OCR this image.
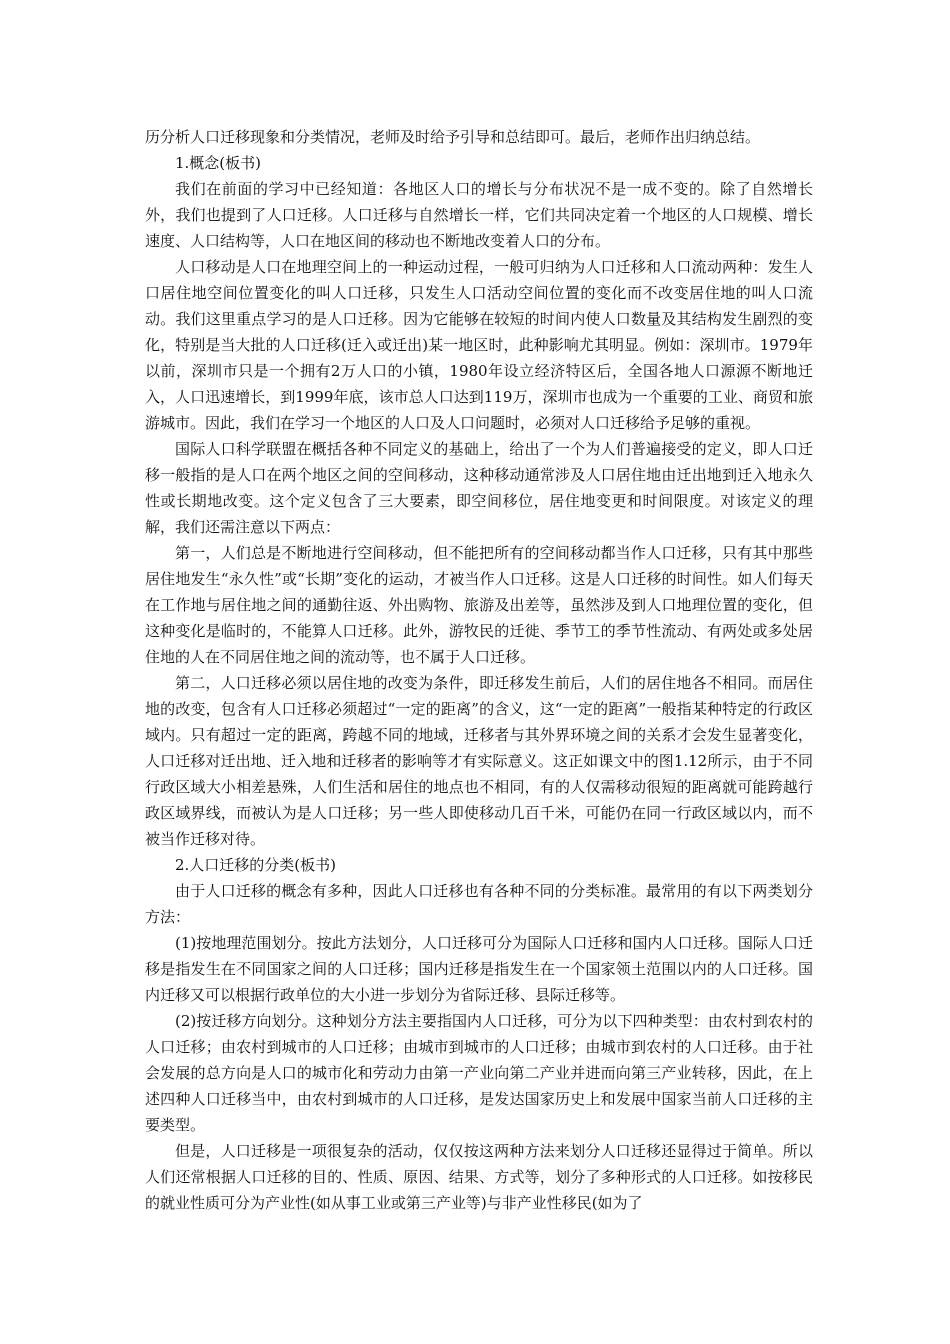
历分析人口迁移现象和分类情况，老师及时给予引导和总结即可。最后，老师作出归纳总结。

1.概念(板书)

我们在前面的学习中已经知道：各地区人口的增长与分布状况不是一成不变的。除了自然增长外，我们也提到了人口迁移。人口迁移与自然增长一样，它们共同决定着一个地区的人口规模、增长速度、人口结构等，人口在地区间的移动也不断地改变着人口的分布。

人口移动是人口在地理空间上的一种运动过程，一般可归纳为人口迁移和人口流动两种：发生人口居住地空间位置变化的叫人口迁移，只发生人口活动空间位置的变化而不改变居住地的叫人口流动。我们这里重点学习的是人口迁移。因为它能够在较短的时间内使人口数量及其结构发生剧烈的变化，特别是当大批的人口迁移(迁入或迁出)某一地区时，此种影响尤其明显。例如：深圳市。1979年以前，深圳市只是一个拥有2万人口的小镇，1980年设立经济特区后，全国各地人口源源不断地迁入，人口迅速增长，到1999年底，该市总人口达到119万，深圳市也成为一个重要的工业、商贸和旅游城市。因此，我们在学习一个地区的人口及人口问题时，必须对人口迁移给予足够的重视。

国际人口科学联盟在概括各种不同定义的基础上，给出了一个为人们普遍接受的定义，即人口迁移一般指的是人口在两个地区之间的空间移动，这种移动通常涉及人口居住地由迁出地到迁入地永久性或长期地改变。这个定义包含了三大要素，即空间移位，居住地变更和时间限度。对该定义的理解，我们还需注意以下两点：

第一，人们总是不断地进行空间移动，但不能把所有的空间移动都当作人口迁移，只有其中那些居住地发生“永久性”或“长期”变化的运动，才被当作人口迁移。这是人口迁移的时间性。如人们每天在工作地与居住地之间的通勤往返、外出购物、旅游及出差等，虽然涉及到人口地理位置的变化，但这种变化是临时的，不能算人口迁移。此外，游牧民的迁徙、季节工的季节性流动、有两处或多处居住地的人在不同居住地之间的流动等，也不属于人口迁移。

第二，人口迁移必须以居住地的改变为条件，即迁移发生前后，人们的居住地各不相同。而居住地的改变，包含有人口迁移必须超过“一定的距离”的含义，这“一定的距离”一般指某种特定的行政区域内。只有超过一定的距离，跨越不同的地域，迁移者与其外界环境之间的关系才会发生显著变化，人口迁移对迁出地、迁入地和迁移者的影响等才有实际意义。这正如课文中的图1.12所示，由于不同行政区域大小相差悬殊，人们生活和居住的地点也不相同，有的人仅需移动很短的距离就可能跨越行政区域界线，而被认为是人口迁移；另一些人即使移动几百千米，可能仍在同一行政区域以内，而不被当作迁移对待。

2.人口迁移的分类(板书)

由于人口迁移的概念有多种，因此人口迁移也有各种不同的分类标准。最常用的有以下两类划分方法：

(1)按地理范围划分。按此方法划分，人口迁移可分为国际人口迁移和国内人口迁移。国际人口迁移是指发生在不同国家之间的人口迁移；国内迁移是指发生在一个国家领土范围以内的人口迁移。国内迁移又可以根据行政单位的大小进一步划分为省际迁移、县际迁移等。

(2)按迁移方向划分。这种划分方法主要指国内人口迁移，可分为以下四种类型：由农村到农村的人口迁移；由农村到城市的人口迁移；由城市到城市的人口迁移；由城市到农村的人口迁移。由于社会发展的总方向是人口的城市化和劳动力由第一产业向第二产业并进而向第三产业转移，因此，在上述四种人口迁移当中，由农村到城市的人口迁移，是发达国家历史上和发展中国家当前人口迁移的主要类型。

但是，人口迁移是一项很复杂的活动，仅仅按这两种方法来划分人口迁移还显得过于简单。所以人们还常根据人口迁移的目的、性质、原因、结果、方式等，划分了多种形式的人口迁移。如按移民的就业性质可分为产业性(如从事工业或第三产业等)与非产业性移民(如为了
